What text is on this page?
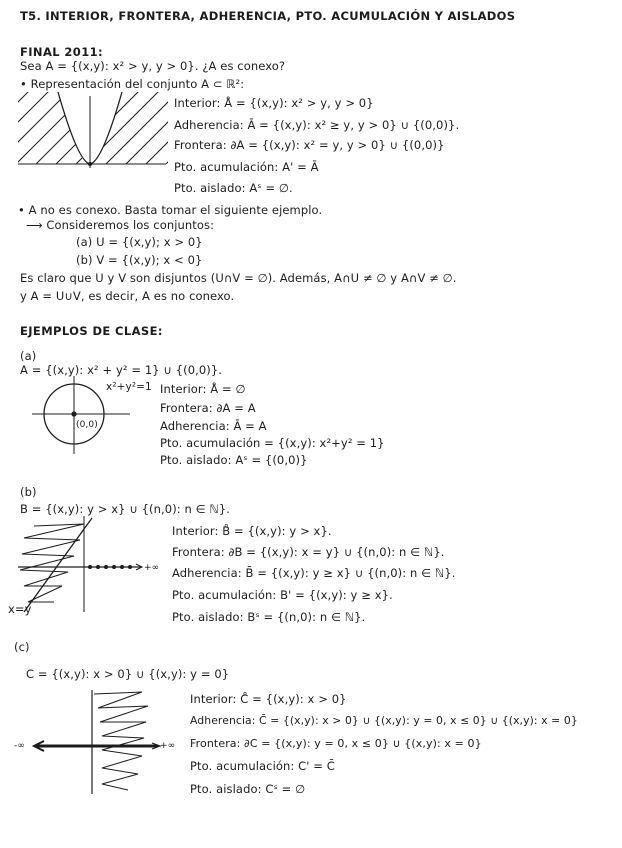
T5. INTERIOR, FRONTERA, ADHERENCIA, PTO. ACUMULACIÓN Y AISLADOS
FINAL 2011:
Sea A = {(x,y): x² > y, y > 0}. ¿A es conexo?
• Representación del conjunto A ⊂ ℝ²:
Interior: Å = {(x,y): x² > y, y > 0}
Adherencia: Ā = {(x,y): x² ≥ y, y > 0} ∪ {(0,0)}.
Frontera: ∂A = {(x,y): x² = y, y > 0} ∪ {(0,0)}
Pto. acumulación: A' = Ā
Pto. aislado: Aˢ = ∅.
• A no es conexo. Basta tomar el siguiente ejemplo.
⟶ Consideremos los conjuntos:
(a) U = {(x,y); x > 0}
(b) V = {(x,y); x < 0}
Es claro que U y V son disjuntos (U∩V = ∅). Además, A∩U ≠ ∅ y A∩V ≠ ∅.
y A = U∪V, es decir, A es no conexo.
EJEMPLOS DE CLASE:
(a)
A = {(x,y): x² + y² = 1} ∪ {(0,0)}.
x²+y²=1
(0,0)
Interior: Å = ∅
Frontera: ∂A = A
Adherencia: Ā = A
Pto. acumulación = {(x,y): x²+y² = 1}
Pto. aislado: Aˢ = {(0,0)}
(b)
B = {(x,y): y > x} ∪ {(n,0): n ∈ ℕ}.
+∞
x=y
Interior: B̊ = {(x,y): y > x}.
Frontera: ∂B = {(x,y): x = y} ∪ {(n,0): n ∈ ℕ}.
Adherencia: B̄ = {(x,y): y ≥ x} ∪ {(n,0): n ∈ ℕ}.
Pto. acumulación: B' = {(x,y): y ≥ x}.
Pto. aislado: Bˢ = {(n,0): n ∈ ℕ}.
(c)
C = {(x,y): x > 0} ∪ {(x,y): y = 0}
-∞	+∞
Interior: C̊ = {(x,y): x > 0}
Adherencia: C̄ = {(x,y): x > 0} ∪ {(x,y): y = 0, x ≤ 0} ∪ {(x,y): x = 0}
Frontera: ∂C = {(x,y): y = 0, x ≤ 0} ∪ {(x,y): x = 0}
Pto. acumulación: C' = C̄
Pto. aislado: Cˢ = ∅
